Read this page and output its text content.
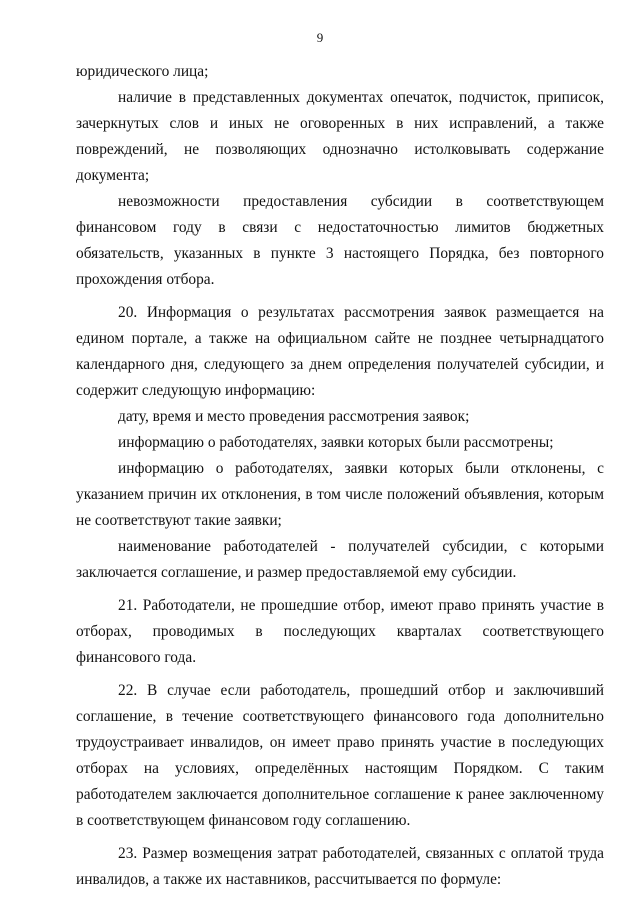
9

юридического лица;

наличие в представленных документах опечаток, подчисток, приписок, зачеркнутых слов и иных не оговоренных в них исправлений, а также повреждений, не позволяющих однозначно истолковывать содержание документа;

невозможности предоставления субсидии в соответствующем финансовом году в связи с недостаточностью лимитов бюджетных обязательств, указанных в пункте 3 настоящего Порядка, без повторного прохождения отбора.

20. Информация о результатах рассмотрения заявок размещается на едином портале, а также на официальном сайте не позднее четырнадцатого календарного дня, следующего за днем определения получателей субсидии, и содержит следующую информацию:

дату, время и место проведения рассмотрения заявок;

информацию о работодателях, заявки которых были рассмотрены;

информацию о работодателях, заявки которых были отклонены, с указанием причин их отклонения, в том числе положений объявления, которым не соответствуют такие заявки;

наименование работодателей - получателей субсидии, с которыми заключается соглашение, и размер предоставляемой ему субсидии.

21. Работодатели, не прошедшие отбор, имеют право принять участие в отборах, проводимых в последующих кварталах соответствующего финансового года.

22. В случае если работодатель, прошедший отбор и заключивший соглашение, в течение соответствующего финансового года дополнительно трудоустраивает инвалидов, он имеет право принять участие в последующих отборах на условиях, определённых настоящим Порядком. С таким работодателем заключается дополнительное соглашение к ранее заключенному в соответствующем финансовом году соглашению.

23. Размер возмещения затрат работодателей, связанных с оплатой труда инвалидов, а также их наставников, рассчитывается по формуле:
